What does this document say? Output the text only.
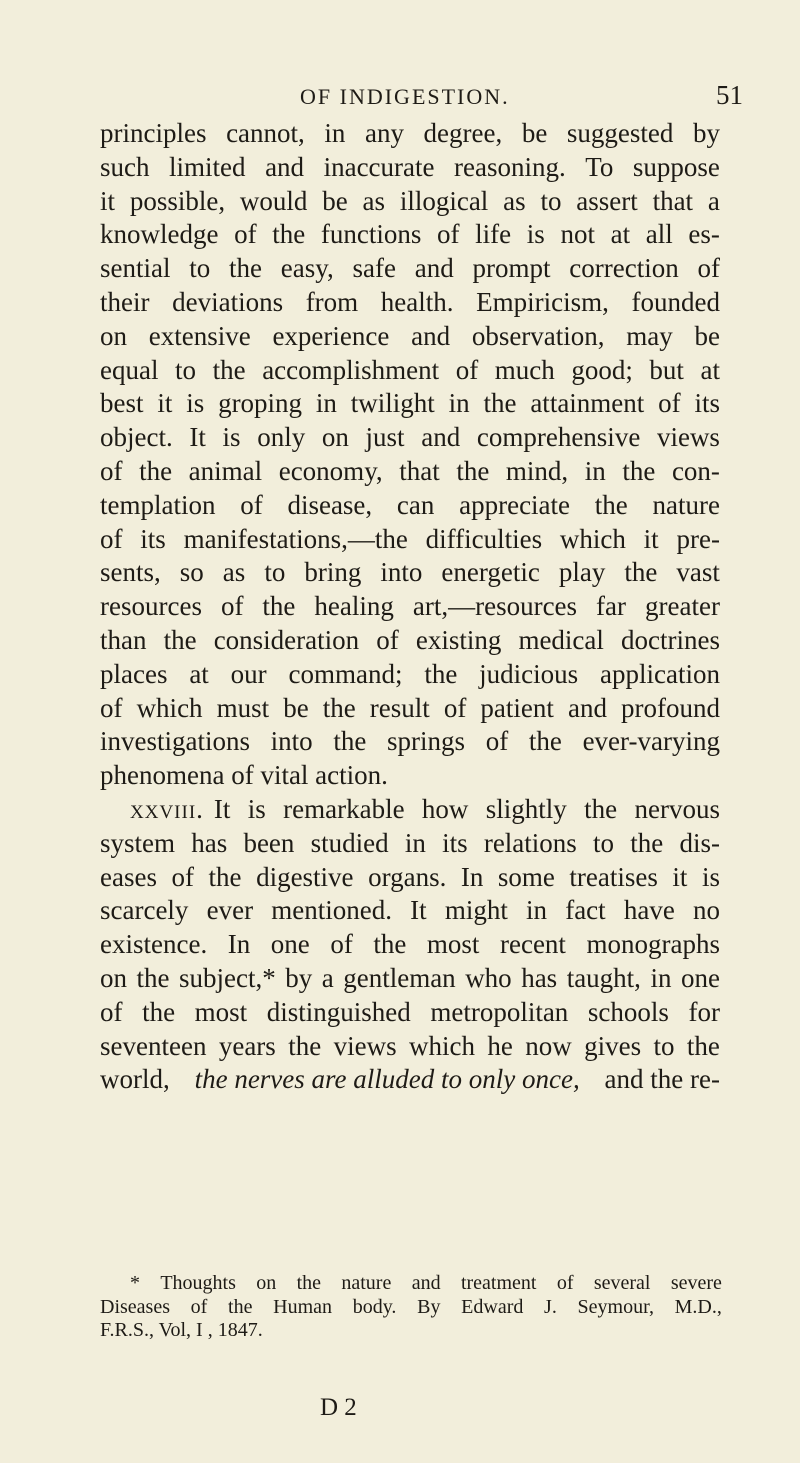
OF INDIGESTION.	51
principles cannot, in any degree, be suggested by
such limited and inaccurate reasoning. To suppose
it possible, would be as illogical as to assert that a
knowledge of the functions of life is not at all es-
sential to the easy, safe and prompt correction of
their deviations from health. Empiricism, founded
on extensive experience and observation, may be
equal to the accomplishment of much good; but at
best it is groping in twilight in the attainment of its
object. It is only on just and comprehensive views
of the animal economy, that the mind, in the con-
templation of disease, can appreciate the nature
of its manifestations,—the difficulties which it pre-
sents, so as to bring into energetic play the vast
resources of the healing art,—resources far greater
than the consideration of existing medical doctrines
places at our command; the judicious application
of which must be the result of patient and profound
investigations into the springs of the ever-varying
phenomena of vital action.
xxviii. It is remarkable how slightly the nervous
system has been studied in its relations to the dis-
eases of the digestive organs. In some treatises it is
scarcely ever mentioned. It might in fact have no
existence. In one of the most recent monographs
on the subject,* by a gentleman who has taught, in one
of the most distinguished metropolitan schools for
seventeen years the views which he now gives to the
world, the nerves are alluded to only once, and the re-
* Thoughts on the nature and treatment of several severe
Diseases of the Human body. By Edward J. Seymour, M.D.,
F.R.S., Vol, I , 1847.
D 2
